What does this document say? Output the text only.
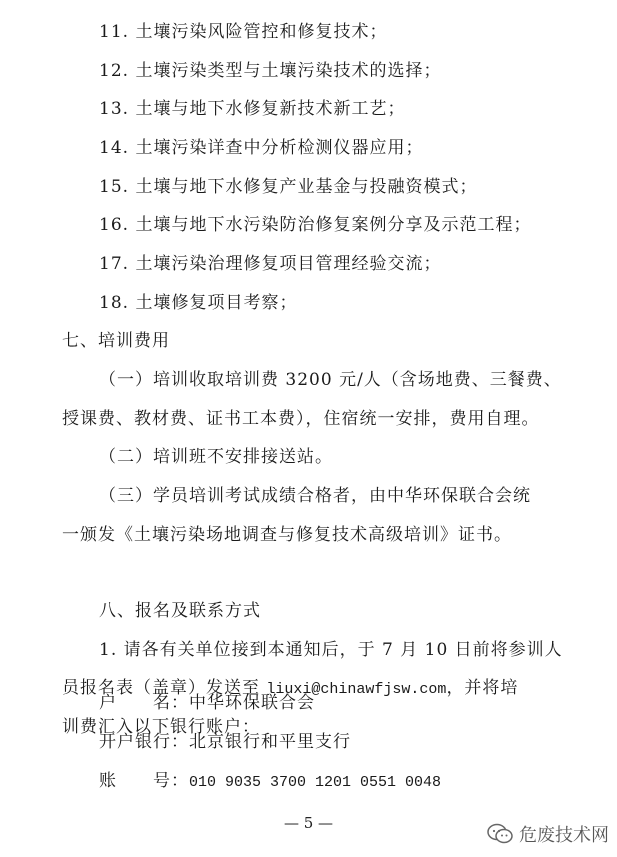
11. 土壤污染风险管控和修复技术；
12. 土壤污染类型与土壤污染技术的选择；
13. 土壤与地下水修复新技术新工艺；
14. 土壤污染详查中分析检测仪器应用；
15. 土壤与地下水修复产业基金与投融资模式；
16. 土壤与地下水污染防治修复案例分享及示范工程；
17. 土壤污染治理修复项目管理经验交流；
18. 土壤修复项目考察；
七、培训费用
（一）培训收取培训费 3200 元/人（含场地费、三餐费、
授课费、教材费、证书工本费），住宿统一安排，费用自理。
（二）培训班不安排接送站。
（三）学员培训考试成绩合格者，由中华环保联合会统
一颁发《土壤污染场地调查与修复技术高级培训》证书。
八、报名及联系方式
1. 请各有关单位接到本通知后，于 7 月 10 日前将参训人
员报名表（盖章）发送至 liuxi@chinawfjsw.com，并将培
训费汇入以下银行账户：
户　　名：中华环保联合会
开户银行：北京银行和平里支行
账　　号：010 9035 3700 1201 0551 0048
— 5 —
危废技术网
